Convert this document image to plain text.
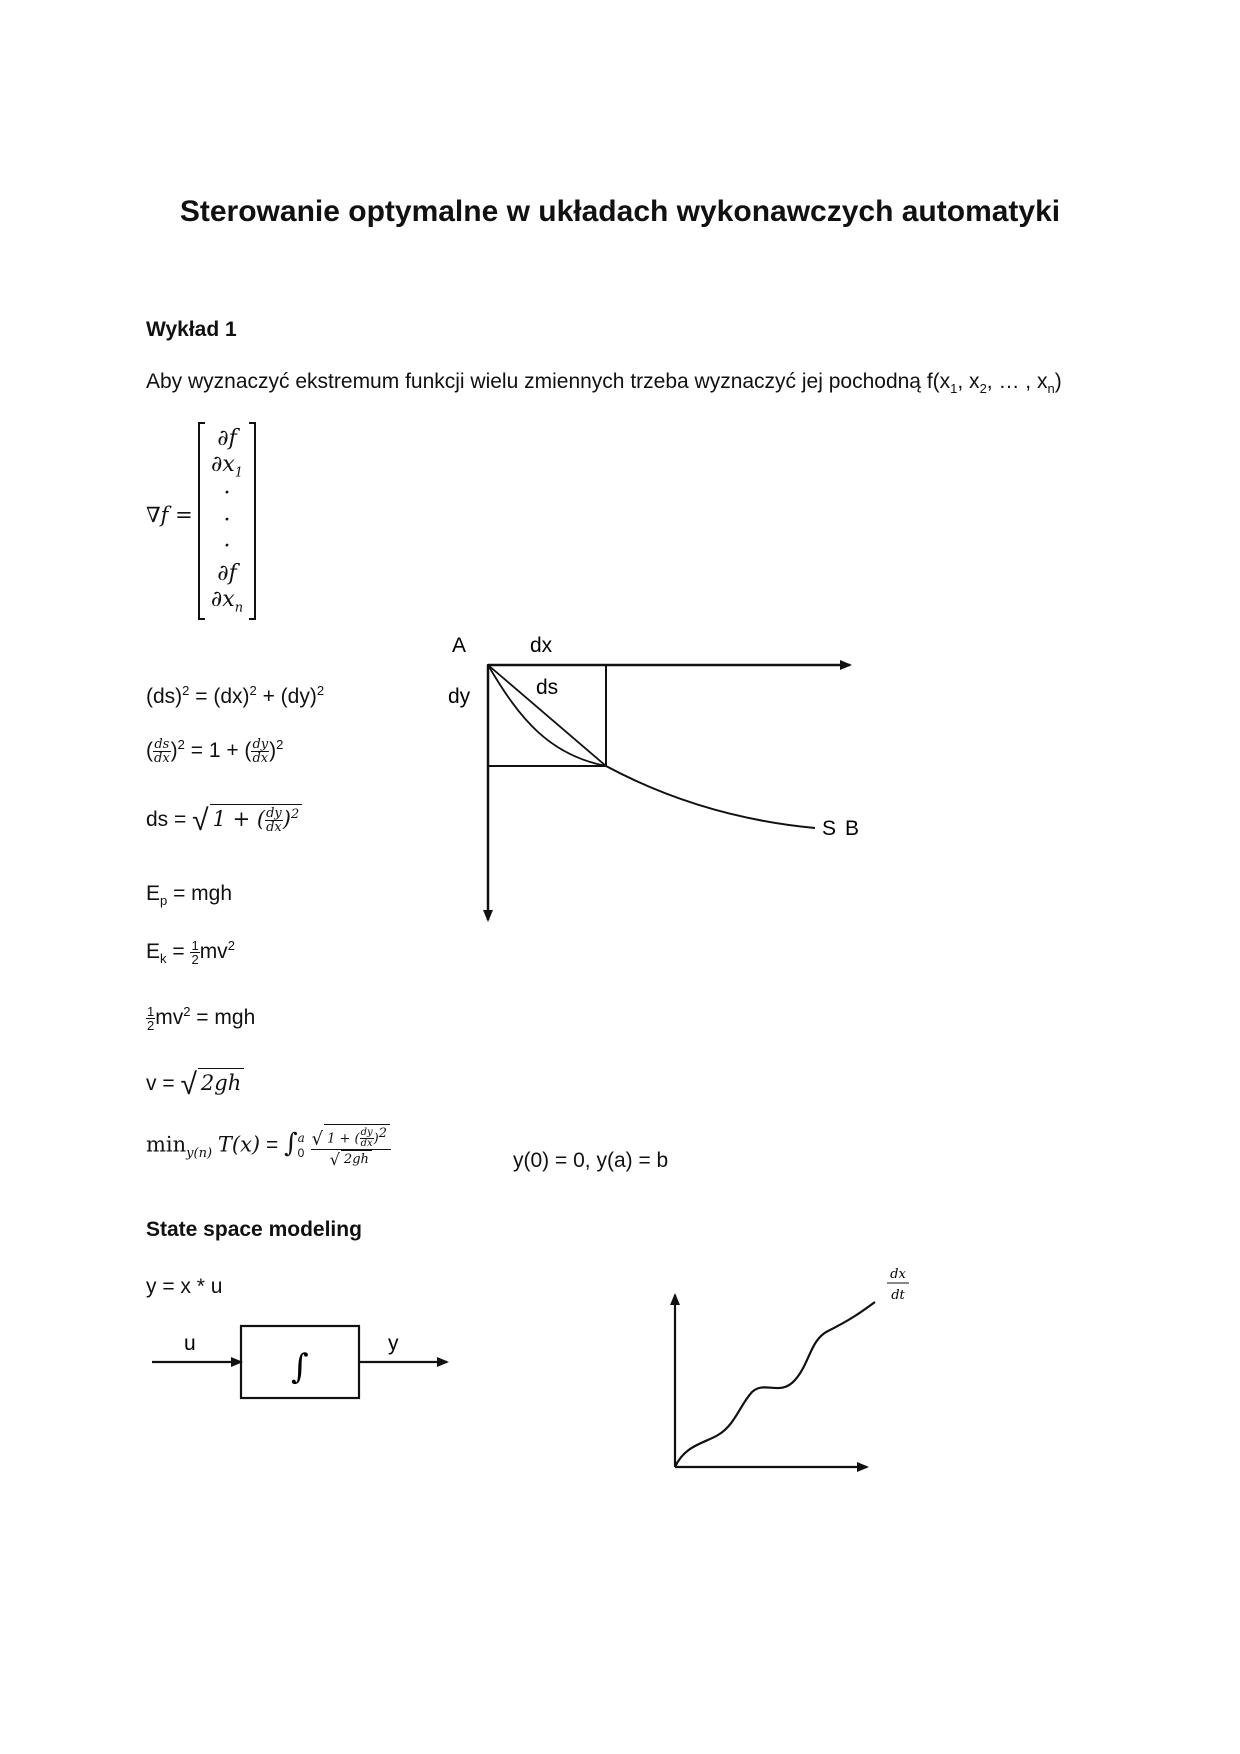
Sterowanie optymalne w układach wykonawczych automatyki
Wykład 1
Aby wyznaczyć ekstremum funkcji wielu zmiennych trzeba wyznaczyć jej pochodną $f(x_1$, $x_2$, … , $x_n$)
∇f =
∂f
$\partial x_1$
·
·
·
∂f
$\partial x_n$
(ds)$^2$ = (dx)$^2$ + (dy)$^2$
( $\frac{ds}{dx} )^2 = 1$ + ( $\frac{dy}{dx} )^2$
ds = √ 1 + ( $\frac{dy}{dx} )^2$
$E_p$ = mgh
$E_k = \frac{1}{2} mv^2$
$\frac{1}{2} mv^2$ = mgh
v = √ 2gh
$\min_{y(n)} T(x)$ = ∫ a
0
$\frac{√ 1 + ( \frac{dy}{dx} )^2}{√ 2gh}$	y(0) = 0, y(a) = b
A	dx
dy	ds
S B
State space modeling
y = x * u
u	y
∫
dx
dt
